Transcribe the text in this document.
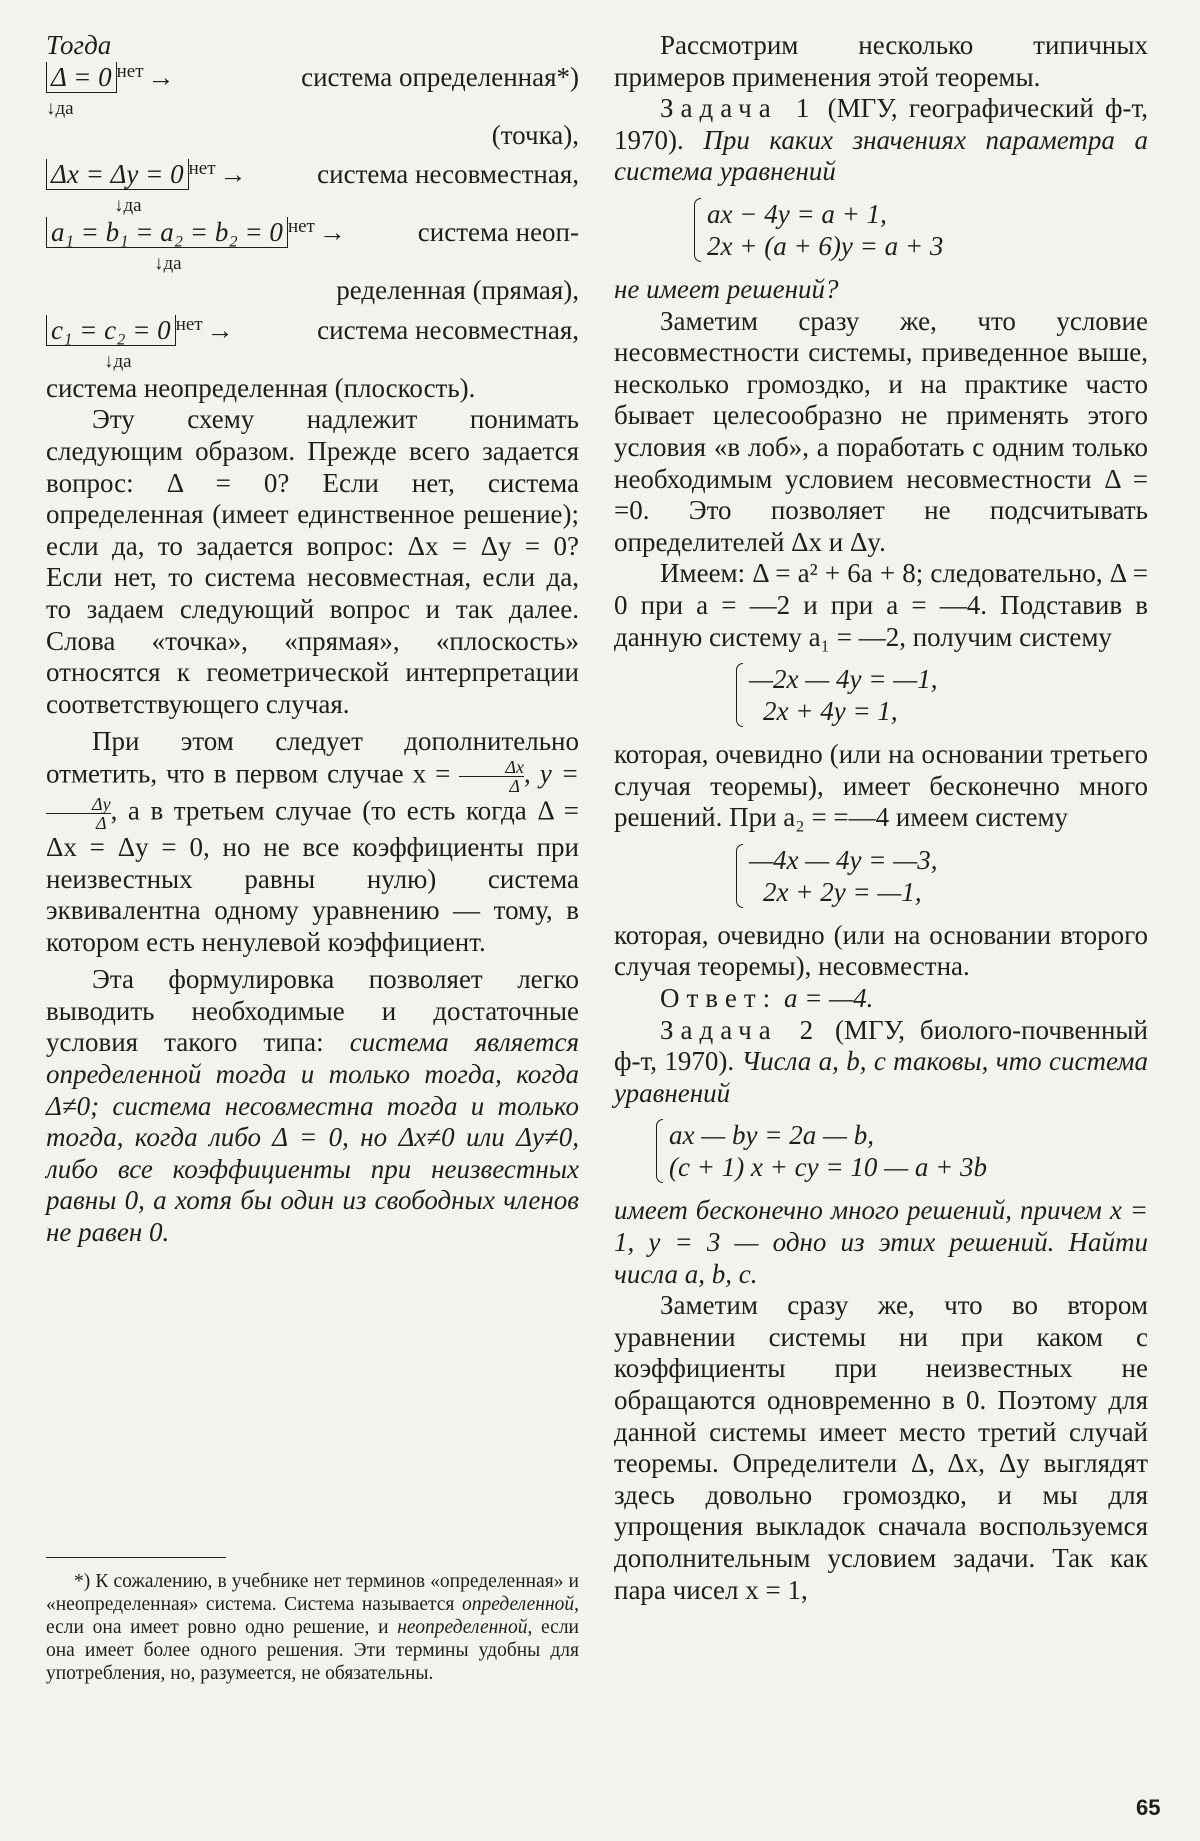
Тогда

Δ = 0 $^{нет}$ →	система определенная*)
↓да
(точка),
Δx = Δy = 0 $^{нет}$ →	система несовместная,
↓да
a₁ = b₁ = a₂ = b₂ = 0 $^{нет}$ →	система неоп-
↓да
ределенная (прямая),
c₁ = c₂ = 0 $^{нет}$ →	система несовместная,
↓да

система неопределенная (плоскость).

Эту схему надлежит понимать следующим образом. Прежде всего задается вопрос: Δ = 0? Если нет, система определенная (имеет единственное решение); если да, то задается вопрос: Δx = Δy = 0? Если нет, то система несовместная, если да, то задаем следующий вопрос и так далее. Слова «точка», «прямая», «плоскость» относятся к геометрической интерпретации соответствующего случая.

При этом следует дополнительно отметить, что в первом случае $x = \frac{\Delta x}{\Delta}$ , y =
$\frac{\Delta y}{\Delta}$ , а в третьем случае (то есть когда Δ = Δx = Δy = 0, но не все коэффициенты при неизвестных равны нулю) система эквивалентна одному уравнению — тому, в котором есть ненулевой коэффициент.

Эта формулировка позволяет легко выводить необходимые и достаточные условия такого типа: система является определенной тогда и только тогда, когда Δ≠0; система несовместна тогда и только тогда, когда либо Δ = 0, но Δx≠0 или Δy≠0, либо все коэффициенты при неизвестных равны 0, а хотя бы один из свободных членов не равен 0.

*) К сожалению, в учебнике нет терминов «определенная» и «неопределенная» система. Система называется определенной, если она имеет ровно одно решение, и неопределенной, если она имеет более одного решения. Эти термины удобны для употребления, но, разумеется, не обязательны.

Рассмотрим несколько типичных примеров применения этой теоремы.

Задача 1 (МГУ, географический ф-т, 1970). При каких значениях параметра a система уравнений

ax − 4y = a + 1,
2x + (a + 6)y = a + 3

не имеет решений?

Заметим сразу же, что условие несовместности системы, приведенное выше, несколько громоздко, и на практике часто бывает целесообразно не применять этого условия «в лоб», а поработать с одним только необходимым условием несовместности Δ = =0. Это позволяет не подсчитывать определителей Δx и Δy.

Имеем: Δ = a² + 6a + 8; следовательно, Δ = 0 при a = —2 и при a = —4. Подставив в данную систему a₁ = —2, получим систему

—2x — 4y = —1,
2x + 4y = 1,

которая, очевидно (или на основании третьего случая теоремы), имеет бесконечно много решений. При a₂ = =—4 имеем систему

—4x — 4y = —3,
2x + 2y = —1,

которая, очевидно (или на основании второго случая теоремы), несовместна.

Ответ: a = —4.

Задача 2 (МГУ, биолого-почвенный ф-т, 1970). Числа a, b, c таковы, что система уравнений

ax — by = 2a — b,
(c + 1) x + cy = 10 — a + 3b

имеет бесконечно много решений, причем x = 1, y = 3 — одно из этих решений. Найти числа a, b, c.

Заметим сразу же, что во втором уравнении системы ни при каком c коэффициенты при неизвестных не обращаются одновременно в 0. Поэтому для данной системы имеет место третий случай теоремы. Определители Δ, Δx, Δy выглядят здесь довольно громоздко, и мы для упрощения выкладок сначала воспользуемся дополнительным условием задачи. Так как пара чисел x = 1,

65
